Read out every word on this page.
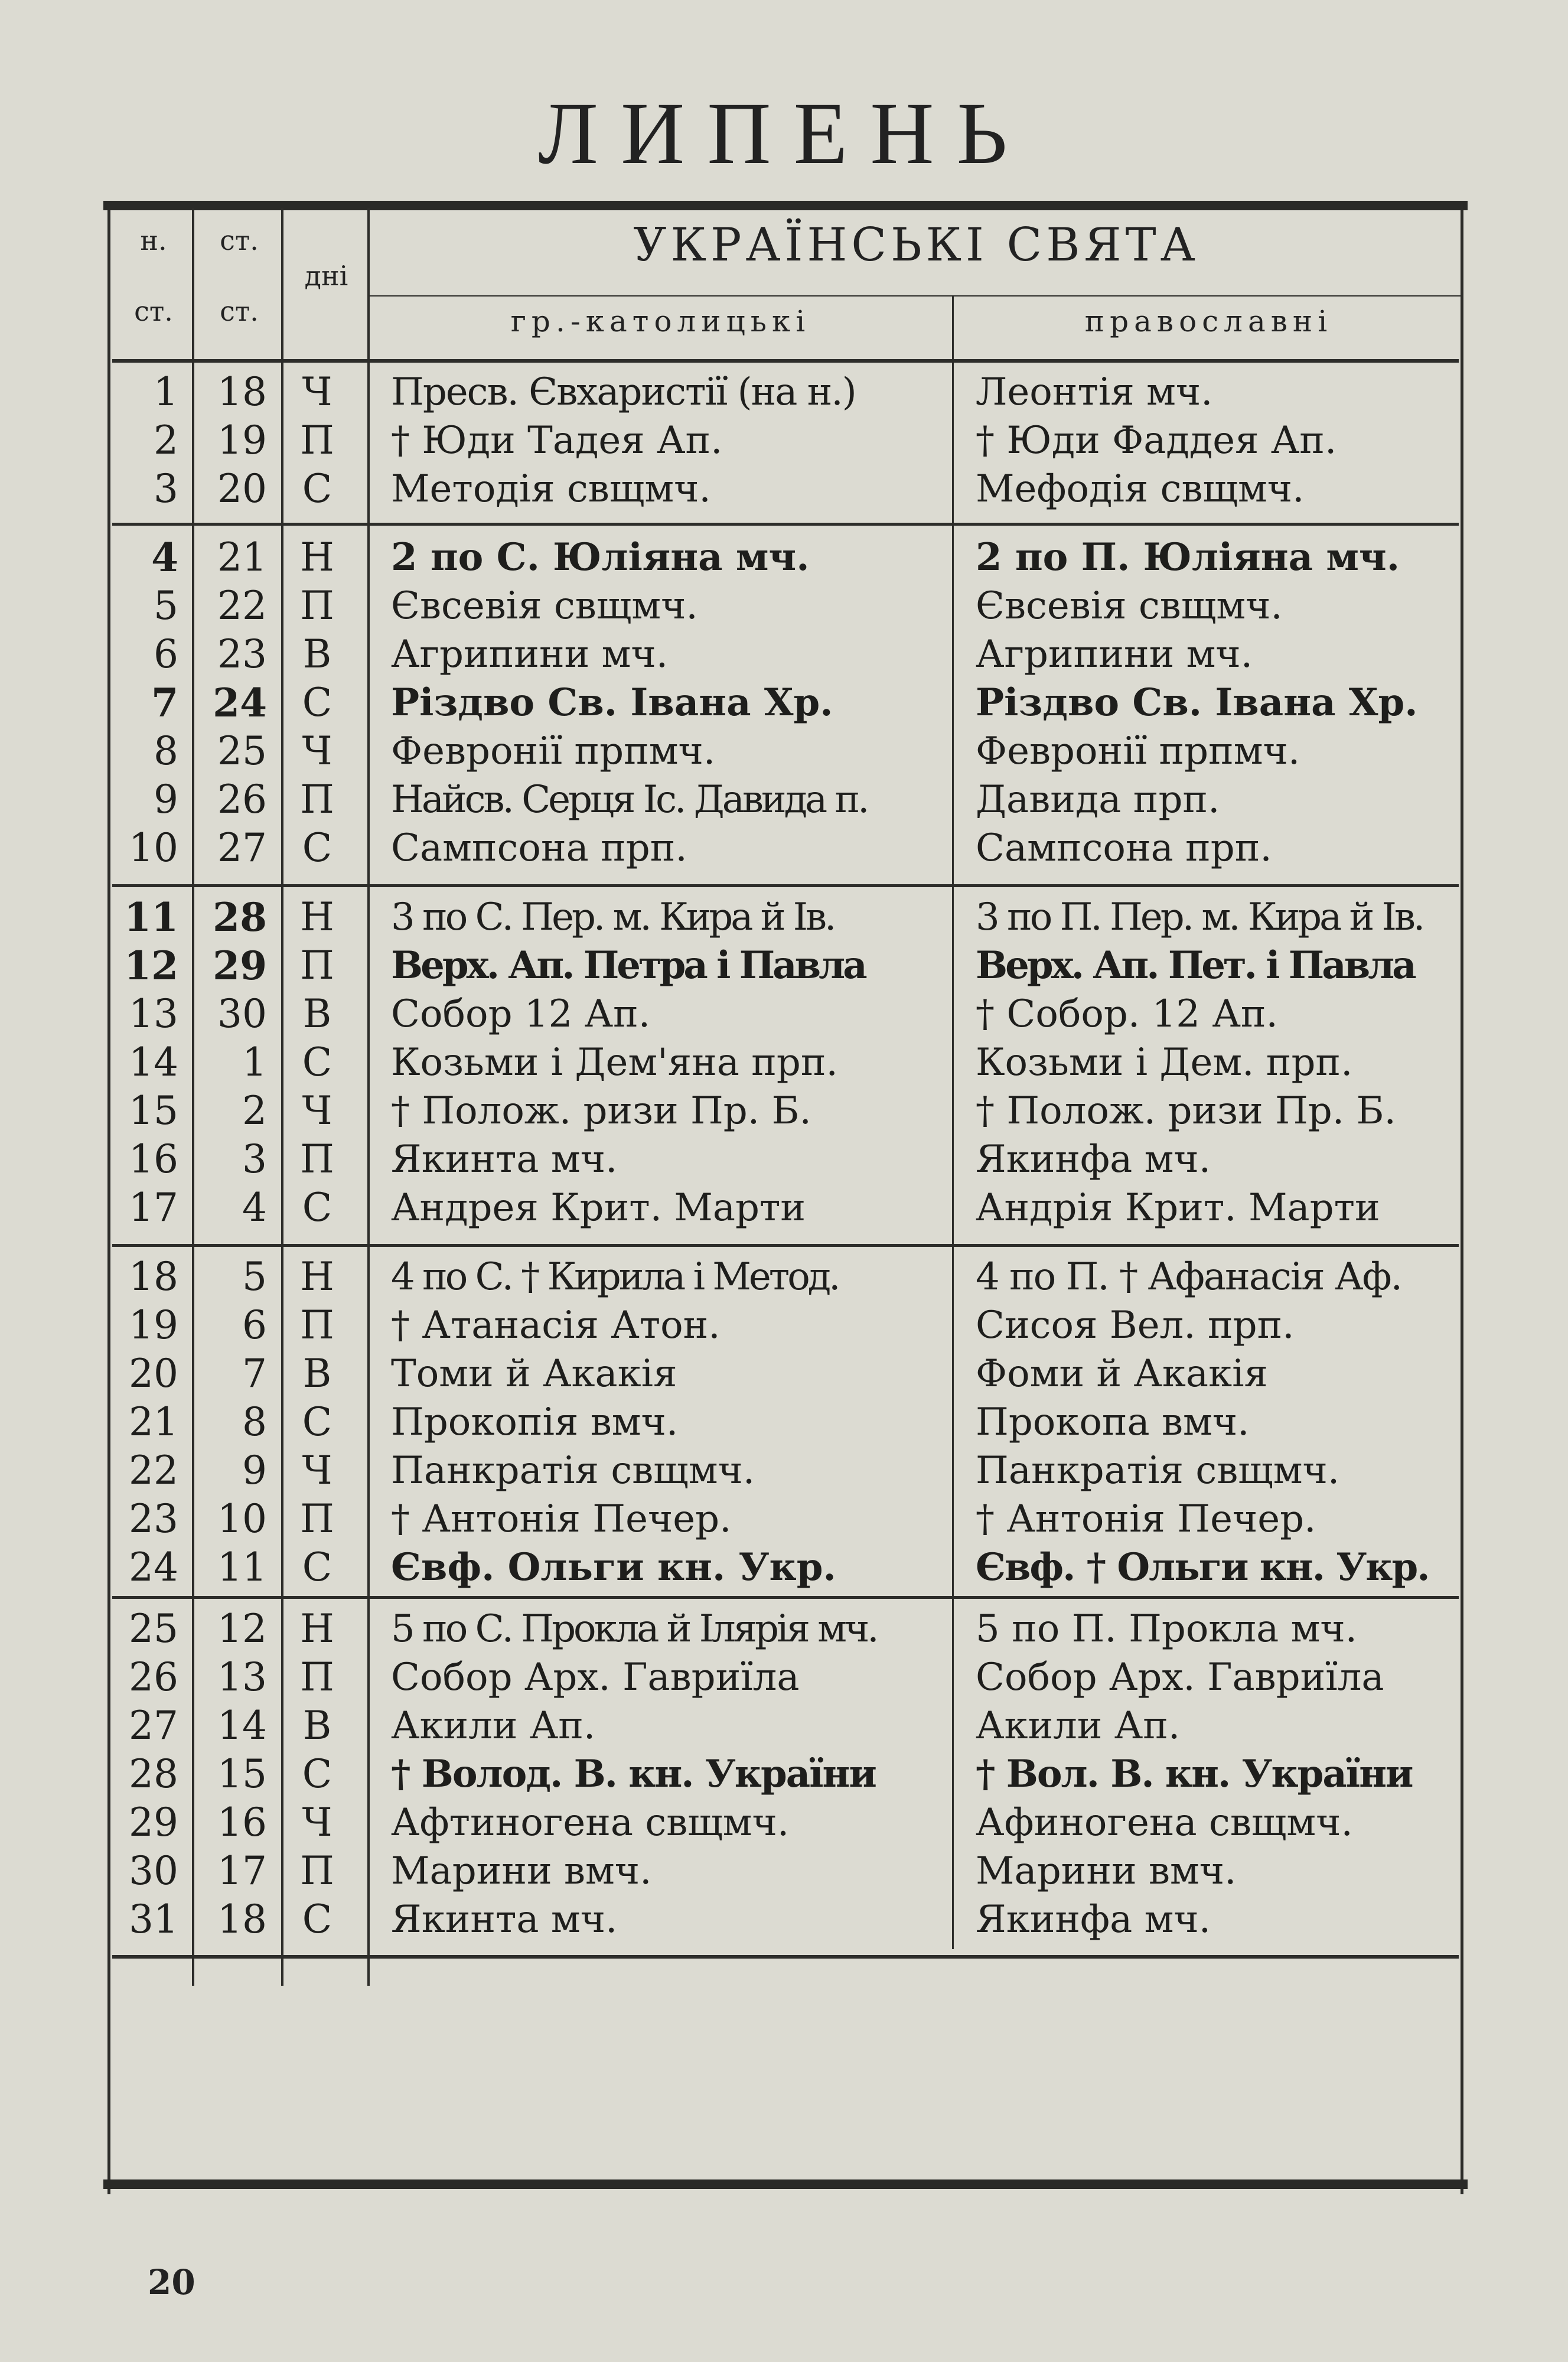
ЛИПЕНЬ
н.
ст.
ст.
ст.
дні
УКРАЇНСЬКІ СВЯТА
гр.-католицькі	православні
1	18 Ч	Пресв. Євхаристії (на н.)	Леонтія мч.
2	19 П	† Юди Тадея Ап.	† Юди Фаддея Ап.
3	20 С	Методія свщмч.	Мефодія свщмч.
4	21 Н	2 по С. Юліяна мч.	2 по П. Юліяна мч.
5	22 П	Євсевія свщмч.	Євсевія свщмч.
6	23 В	Агрипини мч.	Агрипини мч.
7 24 С	Різдво Св. Івана Хр.	Різдво Св. Івана Хр.
8	25 Ч	Февронії прпмч.	Февронії прпмч.
9	26 П	Найсв. Серця Іс. Давида п.	Давида прп.
10	27 С	Сампсона прп.	Сампсона прп.
11 28 Н	3 по С. Пер. м. Кира й Ів.	3 по П. Пер. м. Кира й Ів.
12 29 П	Верх. Ап. Петра і Павла	Верх. Ап. Пет. і Павла
13	30 В	Собор 12 Ап.	† Собор. 12 Ап.
14	1 С	Козьми і Дем'яна прп.	Козьми і Дем. прп.
15	2 Ч	† Полож. ризи Пр. Б.	† Полож. ризи Пр. Б.
16	3 П	Якинта мч.	Якинфа мч.
17	4 С	Андрея Крит. Марти	Андрія Крит. Марти
18	5 Н	4 по С. † Кирила і Метод.	4 по П. † Афанасія Аф.
19	6 П	† Атанасія Атон.	Сисоя Вел. прп.
20	7 В	Томи й Акакія	Фоми й Акакія
21	8 С	Прокопія вмч.	Прокопа вмч.
22	9 Ч	Панкратія свщмч.	Панкратія свщмч.
23	10 П	† Антонія Печер.	† Антонія Печер.
24	11 С	Євф. Ольги кн. Укр.	Євф. † Ольги кн. Укр.
25	12 Н	5 по С. Прокла й Ілярія мч.	5 по П. Прокла мч.
26	13 П	Собор Арх. Гавриїла	Собор Арх. Гавриїла
27	14 В	Акили Ап.	Акили Ап.
28	15 С	† Волод. В. кн. України	† Вол. В. кн. України
29	16 Ч	Афтиногена свщмч.	Афиногена свщмч.
30	17 П	Марини вмч.	Марини вмч.
31	18 С	Якинта мч.	Якинфа мч.
20
